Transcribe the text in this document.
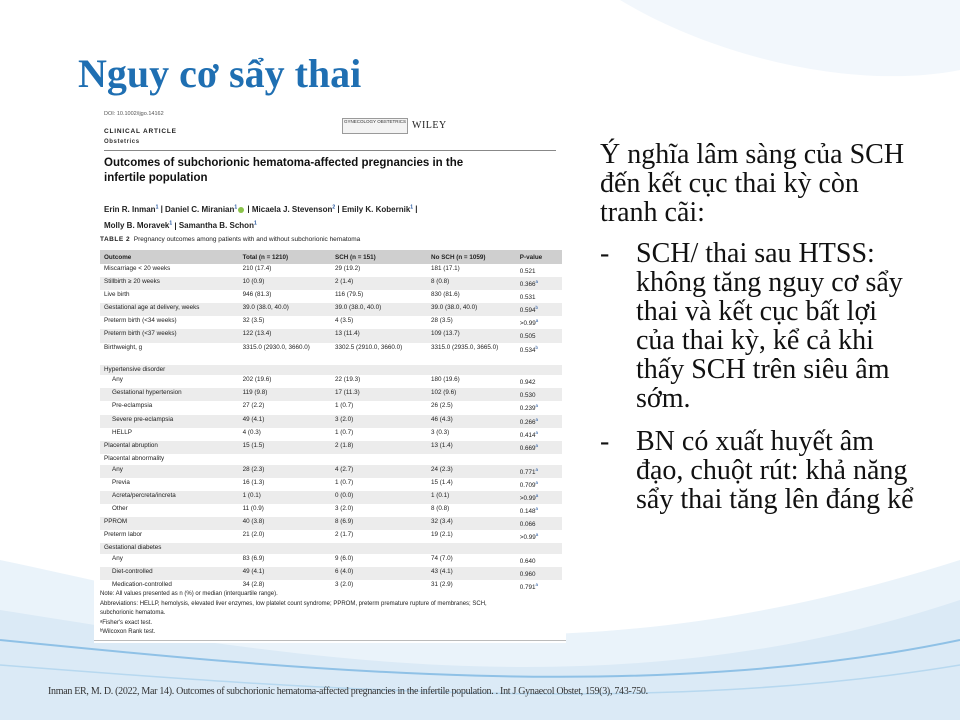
Nguy cơ sẩy thai
DOI: 10.1002/ijgo.14162
GYNECOLOGY OBSTETRICS WILEY
CLINICAL ARTICLE
Obstetrics
Outcomes of subchorionic hematoma-affected pregnancies in the infertile population
Erin R. Inman$^1$ | Daniel C. Miranian$^1$ | Micaela J. Stevenson$^2$ | Emily K. Kobernik$^1$ |
Molly B. Moravek$^1$ | Samantha B. Schon$^1$
TABLE 2 Pregnancy outcomes among patients with and without subchorionic hematoma
Outcome	Total (n = 1210)	SCH (n = 151)	No SCH (n = 1059)	P-value
Miscarriage < 20 weeks	210 (17.4)	29 (19.2)	181 (17.1)	0.521
Stillbirth ≥ 20 weeks	10 (0.9)	2 (1.4)	8 (0.8)	0.366$^a$
Live birth	946 (81.3)	116 (79.5)	830 (81.6)	0.531
Gestational age at delivery, weeks	39.0 (38.0, 40.0)	39.0 (38.0, 40.0)	39.0 (38.0, 40.0)	0.594$^b$
Preterm birth (<34 weeks)	32 (3.5)	4 (3.5)	28 (3.5)	>0.99$^a$
Preterm birth (<37 weeks)	122 (13.4)	13 (11.4)	109 (13.7)	0.505
Birthweight, g	3315.0 (2930.0, 3660.0)	3302.5 (2910.0, 3660.0)	3315.0 (2935.0, 3665.0)	0.534$^b$
Hypertensive disorder				
Any	202 (19.6)	22 (19.3)	180 (19.6)	0.942
Gestational hypertension	119 (9.8)	17 (11.3)	102 (9.6)	0.530
Pre-eclampsia	27 (2.2)	1 (0.7)	26 (2.5)	0.239$^a$
Severe pre-eclampsia	49 (4.1)	3 (2.0)	46 (4.3)	0.266$^a$
HELLP	4 (0.3)	1 (0.7)	3 (0.3)	0.414$^a$
Placental abruption	15 (1.5)	2 (1.8)	13 (1.4)	0.669$^a$
Placental abnormality				
Any	28 (2.3)	4 (2.7)	24 (2.3)	0.771$^a$
Previa	16 (1.3)	1 (0.7)	15 (1.4)	0.709$^a$
Acreta/percreta/increta	1 (0.1)	0 (0.0)	1 (0.1)	>0.99$^a$
Other	11 (0.9)	3 (2.0)	8 (0.8)	0.148$^a$
PPROM	40 (3.8)	8 (6.9)	32 (3.4)	0.066
Preterm labor	21 (2.0)	2 (1.7)	19 (2.1)	>0.99$^a$
Gestational diabetes				
Any	83 (6.9)	9 (6.0)	74 (7.0)	0.640
Diet-controlled	49 (4.1)	6 (4.0)	43 (4.1)	0.960
Medication-controlled	34 (2.8)	3 (2.0)	31 (2.9)	0.791$^a$
Note: All values presented as n (%) or median (interquartile range).
Abbreviations: HELLP, hemolysis, elevated liver enzymes, low platelet count syndrome; PPROM, preterm premature rupture of membranes; SCH,
subchorionic hematoma.
ᵃFisher's exact test.
ᵇWilcoxon Rank test.

Ý nghĩa lâm sàng của SCH đến kết cục thai kỳ còn tranh cãi:

- SCH/ thai sau HTSS: không tăng nguy cơ sẩy thai và kết cục bất lợi của thai kỳ, kể cả khi thấy SCH trên siêu âm sớm.
- BN có xuất huyết âm đạo, chuột rút: khả năng sẩy thai tăng lên đáng kể
Inman ER, M. D. (2022, Mar 14). Outcomes of subchorionic hematoma-affected pregnancies in the infertile population. . Int J Gynaecol Obstet, 159(3), 743-750.
